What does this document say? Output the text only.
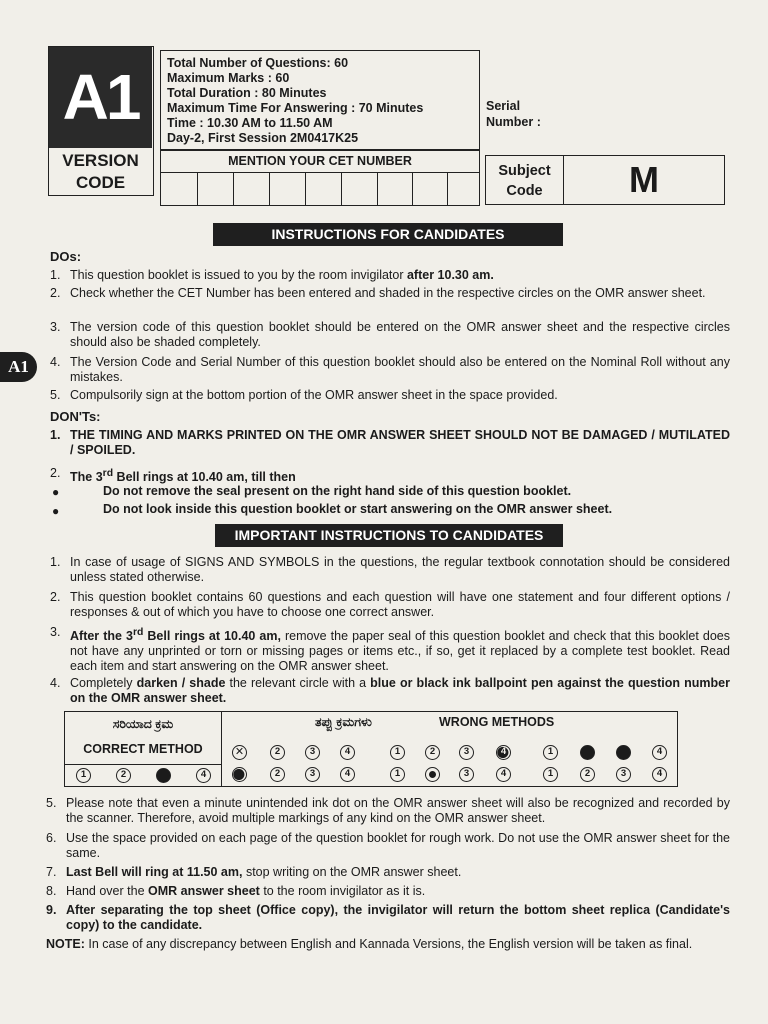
A1
VERSION
CODE
Total Number of Questions: 60
Maximum Marks : 60
Total Duration : 80 Minutes
Maximum Time For Answering : 70 Minutes
Time : 10.30 AM to 11.50 AM
Day-2, First Session 2M0417K25
MENTION YOUR CET NUMBER
Serial
Number :
Subject
Code	M
A1
INSTRUCTIONS FOR CANDIDATES
DOs:
1. This question booklet is issued to you by the room invigilator after 10.30 am.
2. Check whether the CET Number has been entered and shaded in the respective circles on the OMR answer sheet.
3. The version code of this question booklet should be entered on the OMR answer sheet and the respective circles should also be shaded completely.
4. The Version Code and Serial Number of this question booklet should also be entered on the Nominal Roll without any mistakes.
5. Compulsorily sign at the bottom portion of the OMR answer sheet in the space provided.
DON'Ts:
1. THE TIMING AND MARKS PRINTED ON THE OMR ANSWER SHEET SHOULD NOT BE DAMAGED / MUTILATED / SPOILED.
2. The 3rd Bell rings at 10.40 am, till then
●	Do not remove the seal present on the right hand side of this question booklet.
●	Do not look inside this question booklet or start answering on the OMR answer sheet.
IMPORTANT INSTRUCTIONS TO CANDIDATES
1. In case of usage of SIGNS AND SYMBOLS in the questions, the regular textbook connotation should be considered unless stated otherwise.
2. This question booklet contains 60 questions and each question will have one statement and four different options / responses & out of which you have to choose one correct answer.
3. After the 3rd Bell rings at 10.40 am, remove the paper seal of this question booklet and check that this booklet does not have any unprinted or torn or missing pages or items etc., if so, get it replaced by a complete test booklet. Read each item and start answering on the OMR answer sheet.
4. Completely darken / shade the relevant circle with a blue or black ink ballpoint pen against the question number on the OMR answer sheet.
ಸರಿಯಾದ ಕ್ರಮ
CORRECT METHOD
1	2	4
ತಪ್ಪು ಕ್ರಮಗಳು	WRONG METHODS
✕
2	3	4	1	2	3	4	1	4
2	3	4	1	3	4	1	2	3	4
5. Please note that even a minute unintended ink dot on the OMR answer sheet will also be recognized and recorded by the scanner. Therefore, avoid multiple markings of any kind on the OMR answer sheet.
6. Use the space provided on each page of the question booklet for rough work. Do not use the OMR answer sheet for the same.
7. Last Bell will ring at 11.50 am, stop writing on the OMR answer sheet.
8. Hand over the OMR answer sheet to the room invigilator as it is.
9. After separating the top sheet (Office copy), the invigilator will return the bottom sheet replica (Candidate's copy) to the candidate.
NOTE: In case of any discrepancy between English and Kannada Versions, the English version will be taken as final.
